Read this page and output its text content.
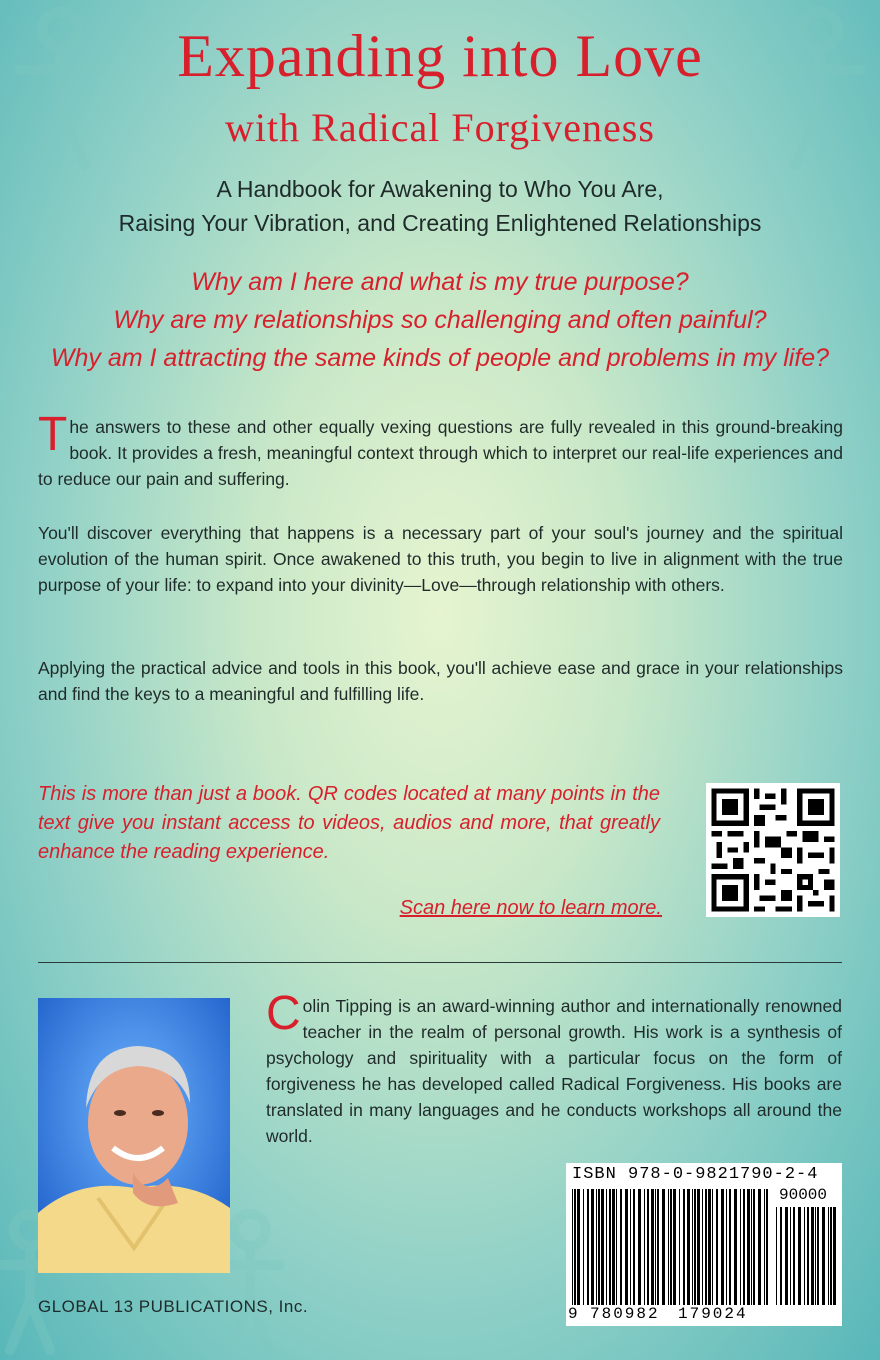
Expanding into Love
with Radical Forgiveness
A Handbook for Awakening to Who You Are,
Raising Your Vibration, and Creating Enlightened Relationships
Why am I here and what is my true purpose?
Why are my relationships so challenging and often painful?
Why am I attracting the same kinds of people and problems in my life?
The answers to these and other equally vexing questions are fully revealed in this ground-breaking book. It provides a fresh, meaningful context through which to interpret our real-life experiences and to reduce our pain and suffering.
You'll discover everything that happens is a necessary part of your soul's journey and the spiritual evolution of the human spirit. Once awakened to this truth, you begin to live in alignment with the true purpose of your life: to expand into your divinity—Love—through relationship with others.
Applying the practical advice and tools in this book, you'll achieve ease and grace in your relationships and find the keys to a meaningful and fulfilling life.
This is more than just a book. QR codes located at many points in the text give you instant access to videos, audios and more, that greatly enhance the reading experience.
Scan here now to learn more.
Colin Tipping is an award-winning author and internationally renowned teacher in the realm of personal growth. His work is a synthesis of psychology and spirituality with a particular focus on the form of forgiveness he has developed called Radical Forgiveness. His books are translated in many languages and he conducts workshops all around the world.
GLOBAL 13 PUBLICATIONS, Inc.
ISBN 978-0-9821790-2-4
90000
9 780982 179024
